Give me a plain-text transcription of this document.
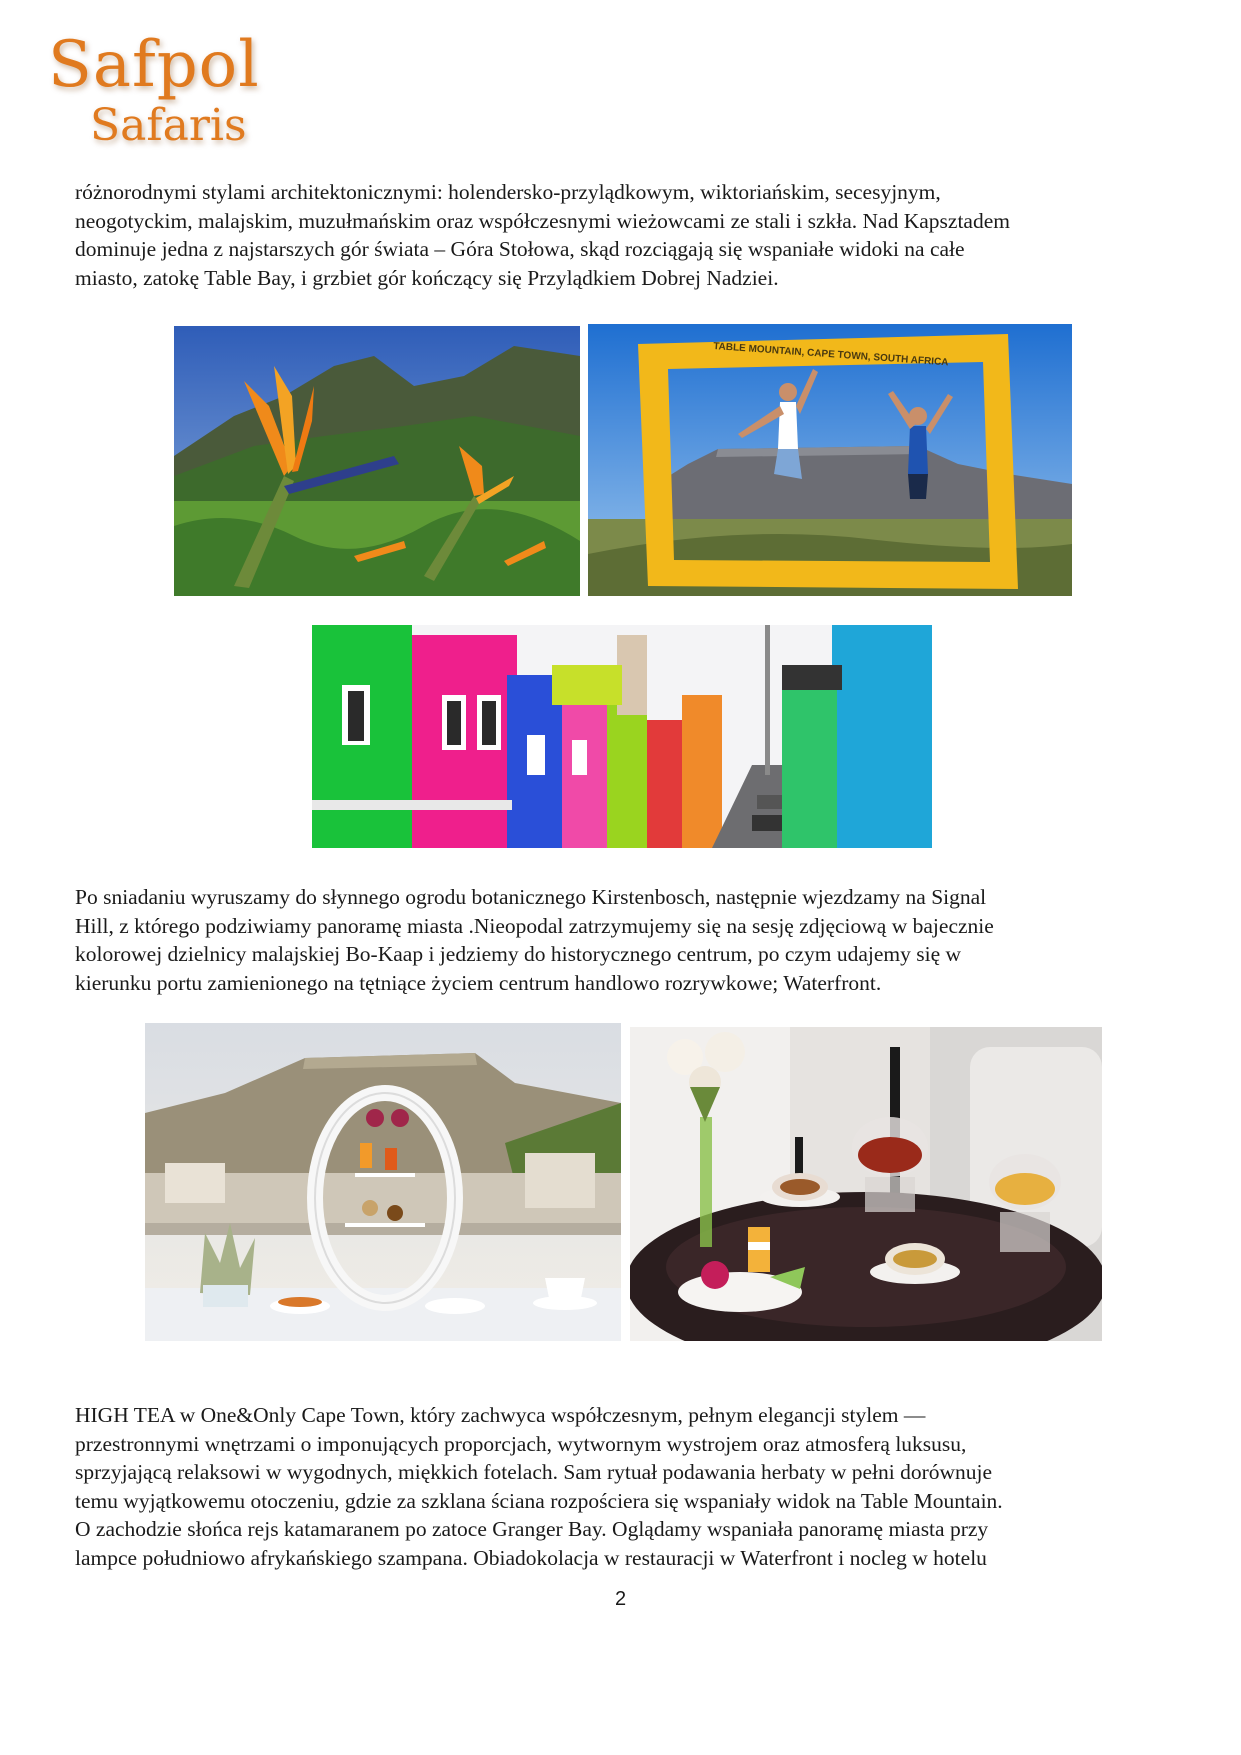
Safpol
Safaris
różnorodnymi stylami architektonicznymi: holendersko-przylądkowym, wiktoriańskim, secesyjnym,
neogotyckim, malajskim, muzułmańskim oraz współczesnymi wieżowcami ze stali i szkła. Nad Kapsztadem
dominuje jedna z najstarszych gór świata – Góra Stołowa, skąd rozciągają się wspaniałe widoki na całe
miasto, zatokę Table Bay, i grzbiet gór kończący się Przylądkiem Dobrej Nadziei.
TABLE MOUNTAIN, CAPE TOWN, SOUTH AFRICA
Po sniadaniu wyruszamy do słynnego ogrodu botanicznego Kirstenbosch, następnie wjezdzamy na Signal
Hill, z którego podziwiamy panoramę miasta .Nieopodal zatrzymujemy się na sesję zdjęciową w bajecznie
kolorowej dzielnicy malajskiej Bo-Kaap i jedziemy do historycznego centrum, po czym udajemy się w
kierunku portu zamienionego na tętniące życiem centrum handlowo rozrywkowe; Waterfront.
HIGH TEA w One&Only Cape Town, który zachwyca współczesnym, pełnym elegancji stylem —
przestronnymi wnętrzami o imponujących proporcjach, wytwornym wystrojem oraz atmosferą luksusu,
sprzyjającą relaksowi w wygodnych, miękkich fotelach. Sam rytuał podawania herbaty w pełni dorównuje
temu wyjątkowemu otoczeniu, gdzie za szklana ściana rozpościera się wspaniały widok na Table Mountain.
O zachodzie słońca rejs katamaranem po zatoce Granger Bay. Oglądamy wspaniała panoramę miasta przy
lampce południowo afrykańskiego szampana. Obiadokolacja w restauracji w Waterfront i nocleg w hotelu
2
